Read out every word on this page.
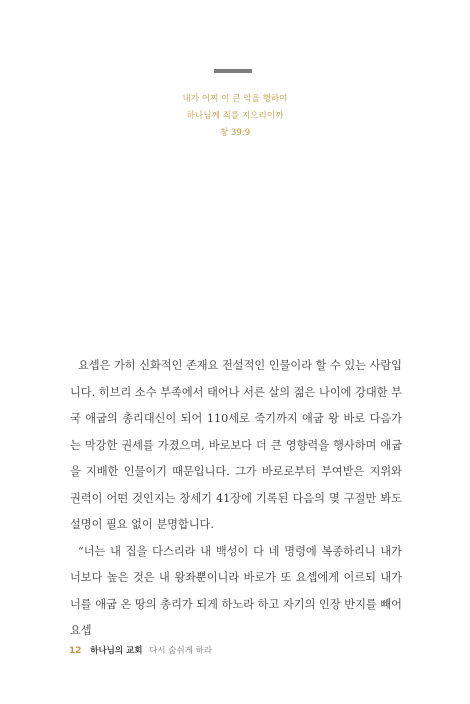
내가 어찌 이 큰 악을 행하여
하나님께 죄를 지으리이까
창 39:9

요셉은 가히 신화적인 존재요 전설적인 인물이라 할 수 있는 사람입니다. 히브리 소수 부족에서 태어나 서른 살의 젊은 나이에 강대한 부국 애굽의 총리대신이 되어 110세로 죽기까지 애굽 왕 바로 다음가는 막강한 권세를 가졌으며, 바로보다 더 큰 영향력을 행사하며 애굽을 지배한 인물이기 때문입니다. 그가 바로로부터 부여받은 지위와 권력이 어떤 것인지는 창세기 41장에 기록된 다음의 몇 구절만 봐도 설명이 필요 없이 분명합니다.

“너는 내 집을 다스리라 내 백성이 다 네 명령에 복종하리니 내가 너보다 높은 것은 내 왕좌뿐이니라 바로가 또 요셉에게 이르되 내가 너를 애굽 온 땅의 총리가 되게 하노라 하고 자기의 인장 반지를 빼어 요셉

12 하나님의 교회 다시 숨쉬게 하라
